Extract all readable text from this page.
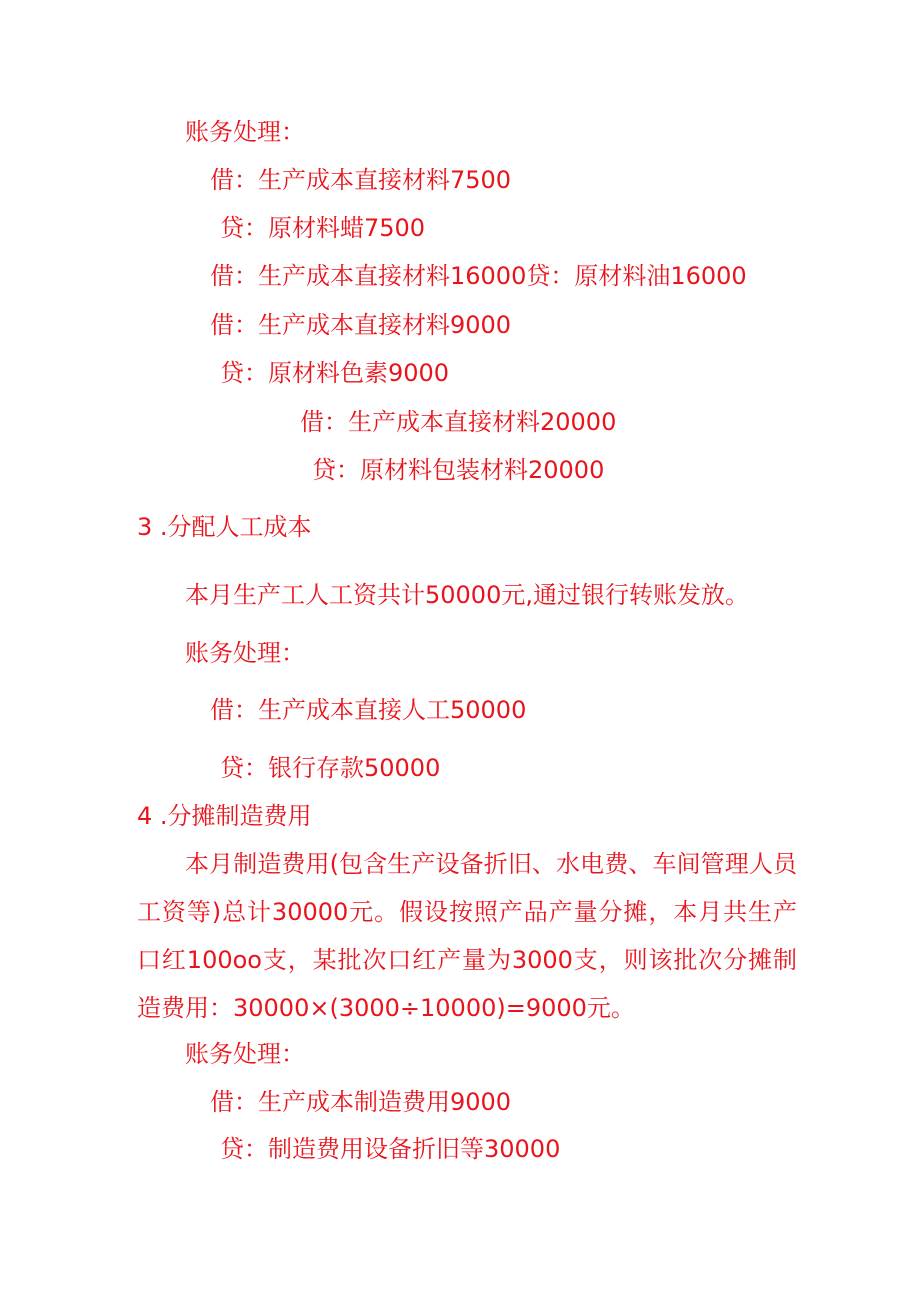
账务处理：
借：生产成本直接材料7500
贷：原材料蜡7500
借：生产成本直接材料16000贷：原材料油16000
借：生产成本直接材料9000
贷：原材料色素9000
借：生产成本直接材料20000
贷：原材料包装材料20000
3 .分配人工成本
本月生产工人工资共计50000元,通过银行转账发放。
账务处理：
借：生产成本直接人工50000
贷：银行存款50000
4 .分摊制造费用
本月制造费用(包含生产设备折旧、水电费、车间管理人员工资等)总计30000元。假设按照产品产量分摊，本月共生产口红100oo支，某批次口红产量为3000支，则该批次分摊制造费用：30000×(3000÷10000)=9000元。
账务处理：
借：生产成本制造费用9000
贷：制造费用设备折旧等30000
